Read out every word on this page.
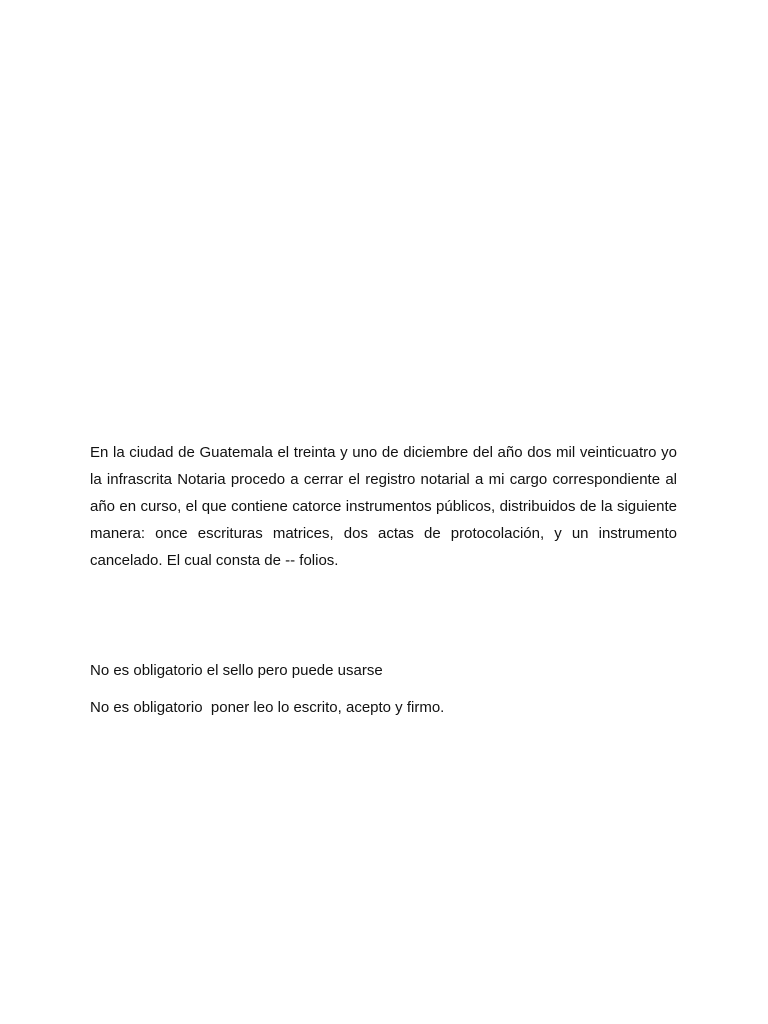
En la ciudad de Guatemala el treinta y uno de diciembre del año dos mil veinticuatro yo la infrascrita Notaria procedo a cerrar el registro notarial a mi cargo correspondiente al año en curso, el que contiene catorce instrumentos públicos, distribuidos de la siguiente manera: once escrituras matrices, dos actas de protocolación, y un instrumento cancelado. El cual consta de -- folios.

No es obligatorio el sello pero puede usarse

No es obligatorio  poner leo lo escrito, acepto y firmo.
